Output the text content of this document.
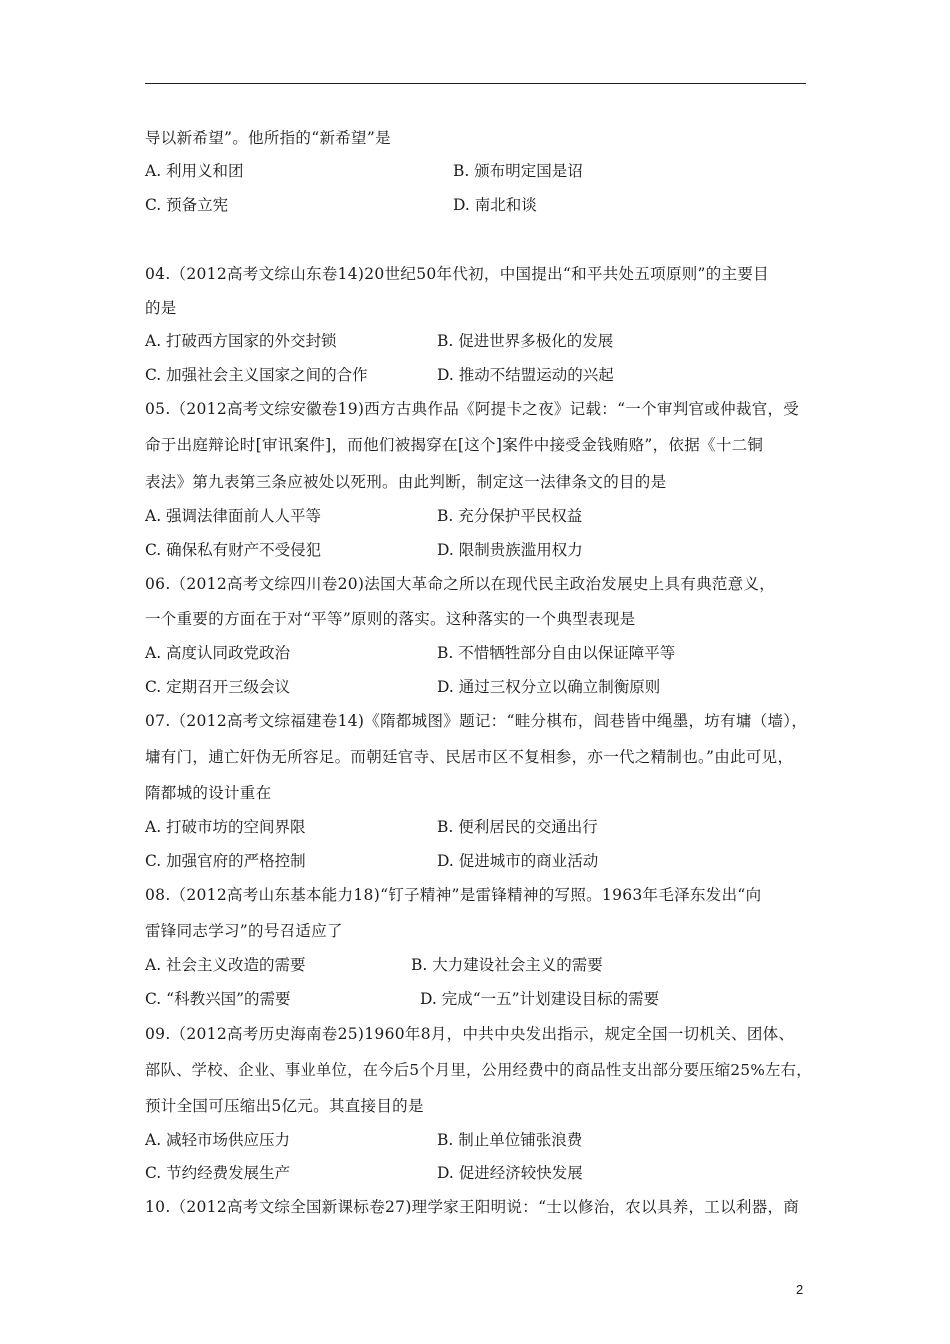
导以新希望”。他所指的“新希望”是
A. 利用义和团	B. 颁布明定国是诏
C. 预备立宪	D. 南北和谈
04.（2012高考文综山东卷14)20世纪50年代初，中国提出“和平共处五项原则”的主要目
的是
A. 打破西方国家的外交封锁	B. 促进世界多极化的发展
C. 加强社会主义国家之间的合作	D. 推动不结盟运动的兴起
05.（2012高考文综安徽卷19)西方古典作品《阿提卡之夜》记载：“一个审判官或仲裁官，受
命于出庭辩论时[审讯案件]，而他们被揭穿在[这个]案件中接受金钱贿赂”，依据《十二铜
表法》第九表第三条应被处以死刑。由此判断，制定这一法律条文的目的是
A. 强调法律面前人人平等	B. 充分保护平民权益
C. 确保私有财产不受侵犯	D. 限制贵族滥用权力
06.（2012高考文综四川卷20)法国大革命之所以在现代民主政治发展史上具有典范意义，
一个重要的方面在于对“平等”原则的落实。这种落实的一个典型表现是
A. 高度认同政党政治	B. 不惜牺牲部分自由以保证障平等
C. 定期召开三级会议	D. 通过三权分立以确立制衡原则
07.（2012高考文综福建卷14)《隋都城图》题记：“畦分棋布，闾巷皆中绳墨，坊有墉（墙），
墉有门，逋亡奸伪无所容足。而朝廷官寺、民居市区不复相参，亦一代之精制也。”由此可见，
隋都城的设计重在
A. 打破市坊的空间界限	B. 便利居民的交通出行
C. 加强官府的严格控制	D. 促进城市的商业活动
08.（2012高考山东基本能力18)“钉子精神”是雷锋精神的写照。1963年毛泽东发出“向
雷锋同志学习”的号召适应了
A. 社会主义改造的需要	B. 大力建设社会主义的需要
C. “科教兴国”的需要	D. 完成“一五”计划建设目标的需要
09.（2012高考历史海南卷25)1960年8月，中共中央发出指示，规定全国一切机关、团体、
部队、学校、企业、事业单位，在今后5个月里，公用经费中的商品性支出部分要压缩25%左右，
预计全国可压缩出5亿元。其直接目的是
A. 减轻市场供应压力	B. 制止单位铺张浪费
C. 节约经费发展生产	D. 促进经济较快发展
10.（2012高考文综全国新课标卷27)理学家王阳明说：“士以修治，农以具养，工以利器，商
2
